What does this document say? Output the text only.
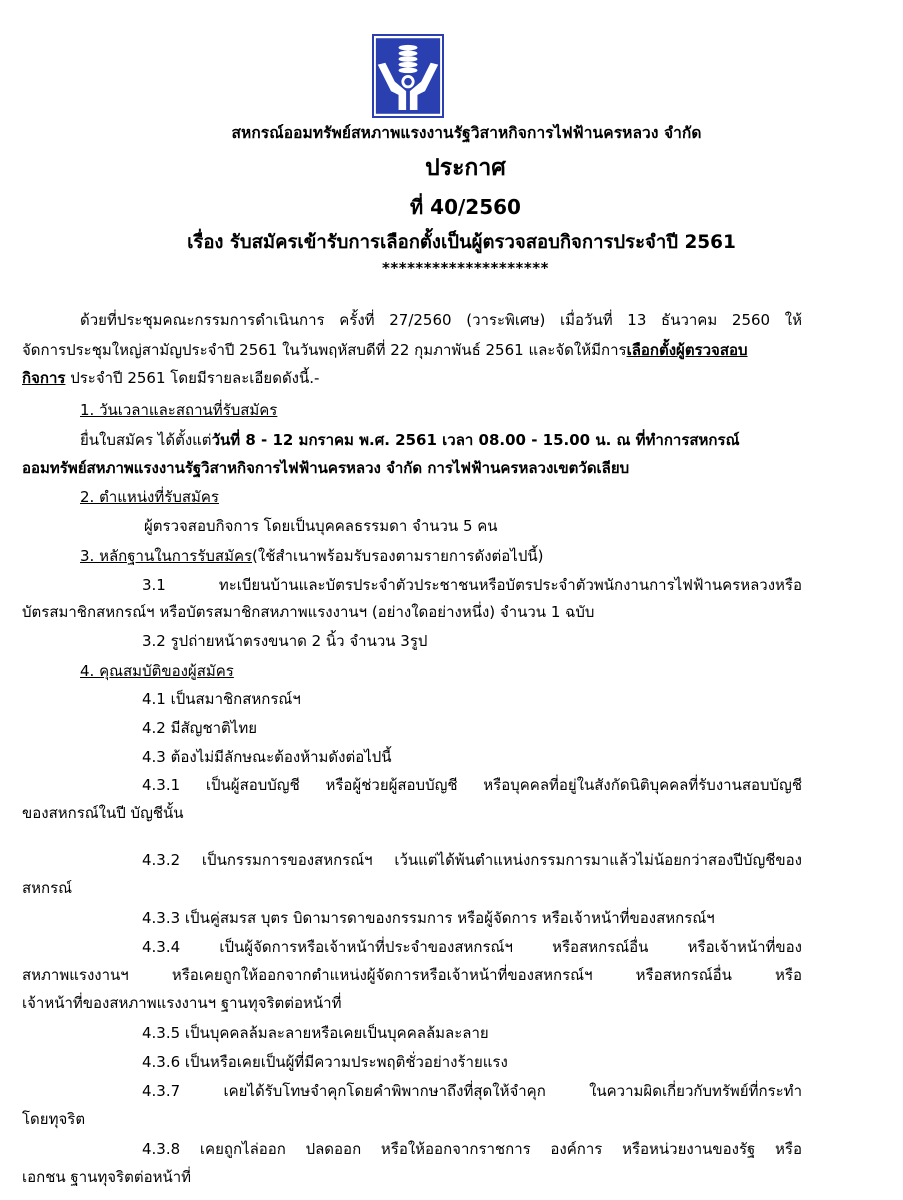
สหกรณ์ออมทรัพย์สหภาพแรงงานรัฐวิสาหกิจการไฟฟ้านครหลวง จำกัด
ประกาศ
ที่ 40/2560
เรื่อง รับสมัครเข้ารับการเลือกตั้งเป็นผู้ตรวจสอบกิจการประจำปี 2561
********************
ด้วยที่ประชุมคณะกรรมการดำเนินการ ครั้งที่ 27/2560 (วาระพิเศษ) เมื่อวันที่ 13 ธันวาคม 2560 ให้
จัดการประชุมใหญ่สามัญประจำปี 2561 ในวันพฤหัสบดีที่ 22 กุมภาพันธ์ 2561 และจัดให้มีการเลือกตั้งผู้ตรวจสอบ
กิจการ ประจำปี 2561 โดยมีรายละเอียดดังนี้.-
1. วันเวลาและสถานที่รับสมัคร
ยื่นใบสมัคร ได้ตั้งแต่วันที่ 8 - 12 มกราคม พ.ศ. 2561 เวลา 08.00 - 15.00 น. ณ ที่ทำการสหกรณ์
ออมทรัพย์สหภาพแรงงานรัฐวิสาหกิจการไฟฟ้านครหลวง จำกัด การไฟฟ้านครหลวงเขตวัดเลียบ
2. ตำแหน่งที่รับสมัคร
ผู้ตรวจสอบกิจการ โดยเป็นบุคคลธรรมดา จำนวน 5 คน
3. หลักฐานในการรับสมัคร(ใช้สำเนาพร้อมรับรองตามรายการดังต่อไปนี้)
3.1 ทะเบียนบ้านและบัตรประจำตัวประชาชนหรือบัตรประจำตัวพนักงานการไฟฟ้านครหลวงหรือ
บัตรสมาชิกสหกรณ์ฯ หรือบัตรสมาชิกสหภาพแรงงานฯ (อย่างใดอย่างหนึ่ง) จำนวน 1 ฉบับ
3.2 รูปถ่ายหน้าตรงขนาด 2 นิ้ว จำนวน 3รูป
4. คุณสมบัติของผู้สมัคร
4.1 เป็นสมาชิกสหกรณ์ฯ
4.2 มีสัญชาติไทย
4.3 ต้องไม่มีลักษณะต้องห้ามดังต่อไปนี้
4.3.1 เป็นผู้สอบบัญชี หรือผู้ช่วยผู้สอบบัญชี หรือบุคคลที่อยู่ในสังกัดนิติบุคคลที่รับงานสอบบัญชี
ของสหกรณ์ในปี บัญชีนั้น
4.3.2 เป็นกรรมการของสหกรณ์ฯ เว้นแต่ได้พ้นตำแหน่งกรรมการมาแล้วไม่น้อยกว่าสองปีบัญชีของ
สหกรณ์
4.3.3 เป็นคู่สมรส บุตร บิดามารดาของกรรมการ หรือผู้จัดการ หรือเจ้าหน้าที่ของสหกรณ์ฯ
4.3.4 เป็นผู้จัดการหรือเจ้าหน้าที่ประจำของสหกรณ์ฯ หรือสหกรณ์อื่น หรือเจ้าหน้าที่ของ
สหภาพแรงงานฯ หรือเคยถูกให้ออกจากตำแหน่งผู้จัดการหรือเจ้าหน้าที่ของสหกรณ์ฯ หรือสหกรณ์อื่น หรือ
เจ้าหน้าที่ของสหภาพแรงงานฯ ฐานทุจริตต่อหน้าที่
4.3.5 เป็นบุคคลล้มละลายหรือเคยเป็นบุคคลล้มละลาย
4.3.6 เป็นหรือเคยเป็นผู้ที่มีความประพฤติชั่วอย่างร้ายแรง
4.3.7 เคยได้รับโทษจำคุกโดยคำพิพากษาถึงที่สุดให้จำคุก ในความผิดเกี่ยวกับทรัพย์ที่กระทำ
โดยทุจริต
4.3.8 เคยถูกไล่ออก ปลดออก หรือให้ออกจากราชการ องค์การ หรือหน่วยงานของรัฐ หรือ
เอกชน ฐานทุจริตต่อหน้าที่
